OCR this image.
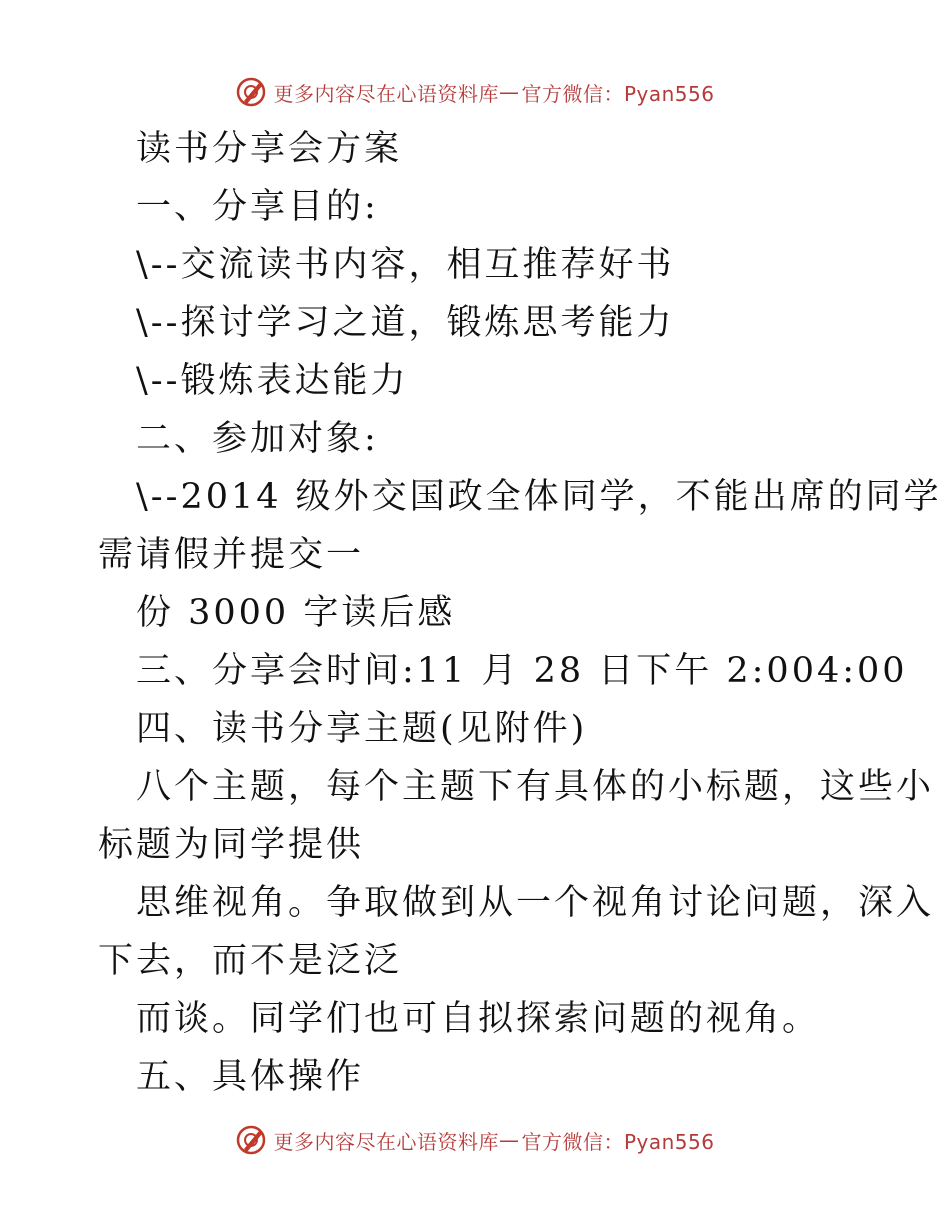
更多内容尽在心语资料库 — 官方微信：Pyan556
读书分享会方案
一、分享目的:
\--交流读书内容，相互推荐好书
\--探讨学习之道，锻炼思考能力
\--锻炼表达能力
二、参加对象:
\--2014 级外交国政全体同学，不能出席的同学
需请假并提交一
份 3000 字读后感
三、分享会时间:11 月 28 日下午 2:004:00
四、读书分享主题(见附件)
八个主题，每个主题下有具体的小标题，这些小
标题为同学提供
思维视角。争取做到从一个视角讨论问题，深入
下去，而不是泛泛
而谈。同学们也可自拟探索问题的视角。
五、具体操作
更多内容尽在心语资料库 — 官方微信：Pyan556
